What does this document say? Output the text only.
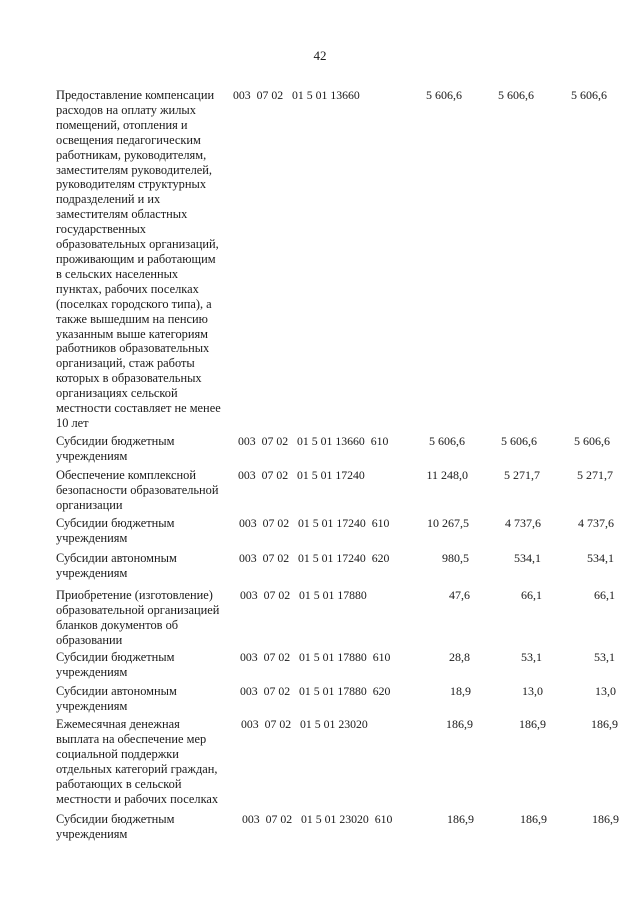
42
Предоставление компенсации
расходов на оплату жилых
помещений, отопления и
освещения педагогическим
работникам, руководителям,
заместителям руководителей,
руководителям структурных
подразделений и их
заместителям областных
государственных
образовательных организаций,
проживающим и работающим
в сельских населенных
пунктах, рабочих поселках
(поселках городского типа), а
также вышедшим на пенсию
указанным выше категориям
работников образовательных
организаций, стаж работы
которых в образовательных
организациях сельской
местности составляет не менее
10 лет
003  07 02   01 5 01 13660	5 606,6	5 606,6	5 606,6
Субсидии бюджетным
учреждениям
003  07 02   01 5 01 13660  610	5 606,6	5 606,6	5 606,6
Обеспечение комплексной
безопасности образовательной
организации
003  07 02   01 5 01 17240	11 248,0	5 271,7	5 271,7
Субсидии бюджетным
учреждениям
003  07 02   01 5 01 17240  610	10 267,5	4 737,6	4 737,6
Субсидии автономным
учреждениям
003  07 02   01 5 01 17240  620	980,5	534,1	534,1
Приобретение (изготовление)
образовательной организацией
бланков документов об
образовании
003  07 02   01 5 01 17880	47,6	66,1	66,1
Субсидии бюджетным
учреждениям
003  07 02   01 5 01 17880  610	28,8	53,1	53,1
Субсидии автономным
учреждениям
003  07 02   01 5 01 17880  620	18,9	13,0	13,0
Ежемесячная денежная
выплата на обеспечение мер
социальной поддержки
отдельных категорий граждан,
работающих в сельской
местности и рабочих поселках
003  07 02   01 5 01 23020	186,9	186,9	186,9
Субсидии бюджетным
учреждениям
003  07 02   01 5 01 23020  610	186,9	186,9	186,9
